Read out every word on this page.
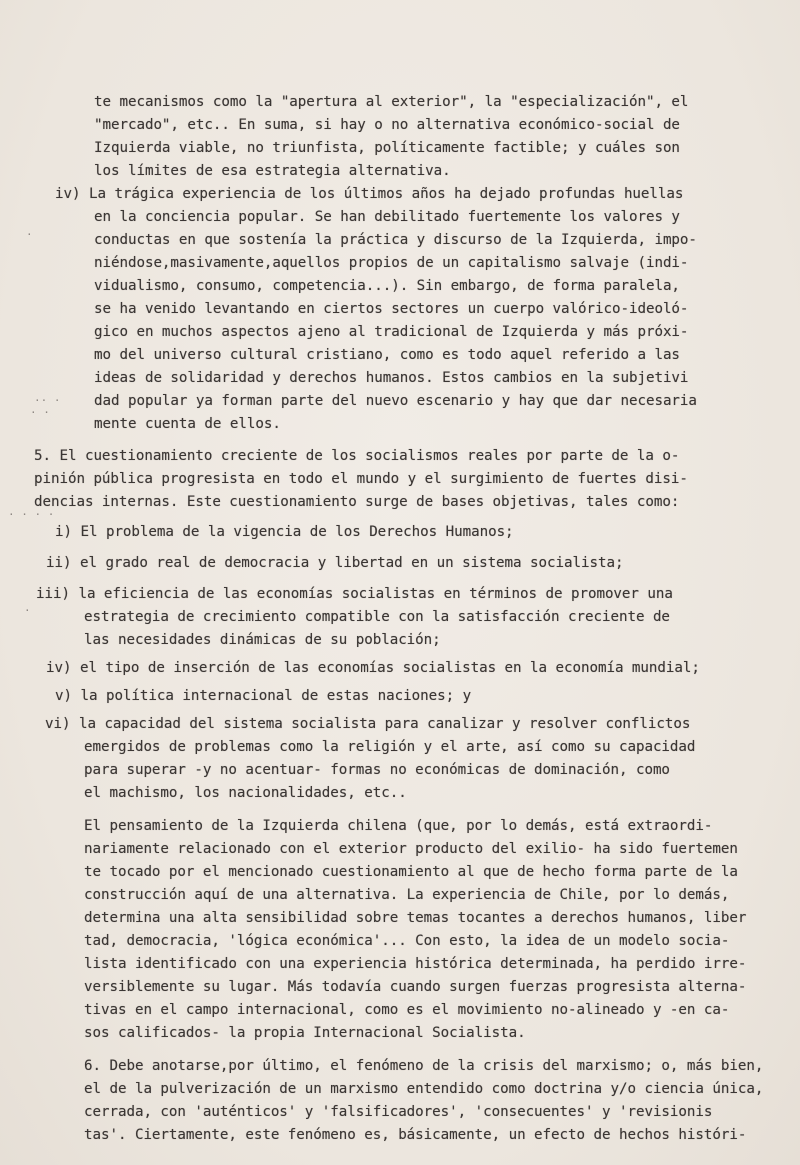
te mecanismos como la "apertura al exterior", la "especialización", el
"mercado", etc.. En suma, si hay o no alternativa económico-social de
Izquierda viable, no triunfista, políticamente factible; y cuáles son
los límites de esa estrategia alternativa.
iv) La trágica experiencia de los últimos años ha dejado profundas huellas
en la conciencia popular. Se han debilitado fuertemente los valores y
conductas en que sostenía la práctica y discurso de la Izquierda, impo-
niéndose,masivamente,aquellos propios de un capitalismo salvaje (indi-
vidualismo, consumo, competencia...). Sin embargo, de forma paralela,
se ha venido levantando en ciertos sectores un cuerpo valórico-ideoló-
gico en muchos aspectos ajeno al tradicional de Izquierda y más próxi-
mo del universo cultural cristiano, como es todo aquel referido a las
ideas de solidaridad y derechos humanos. Estos cambios en la subjetivi
dad popular ya forman parte del nuevo escenario y hay que dar necesaria
mente cuenta de ellos.
5. El cuestionamiento creciente de los socialismos reales por parte de la o-
pinión pública progresista en todo el mundo y el surgimiento de fuertes disi-
dencias internas. Este cuestionamiento surge de bases objetivas, tales como:
i) El problema de la vigencia de los Derechos Humanos;
ii) el grado real de democracia y libertad en un sistema socialista;
iii) la eficiencia de las economías socialistas en términos de promover una
estrategia de crecimiento compatible con la satisfacción creciente de
las necesidades dinámicas de su población;
iv) el tipo de inserción de las economías socialistas en la economía mundial;
v) la política internacional de estas naciones; y
vi) la capacidad del sistema socialista para canalizar y resolver conflictos
emergidos de problemas como la religión y el arte, así como su capacidad
para superar -y no acentuar- formas no económicas de dominación, como
el machismo, los nacionalidades, etc..
El pensamiento de la Izquierda chilena (que, por lo demás, está extraordi-
nariamente relacionado con el exterior producto del exilio- ha sido fuertemen
te tocado por el mencionado cuestionamiento al que de hecho forma parte de la
construcción aquí de una alternativa. La experiencia de Chile, por lo demás,
determina una alta sensibilidad sobre temas tocantes a derechos humanos, liber
tad, democracia, 'lógica económica'... Con esto, la idea de un modelo socia-
lista identificado con una experiencia histórica determinada, ha perdido irre-
versiblemente su lugar. Más todavía cuando surgen fuerzas progresista alterna-
tivas en el campo internacional, como es el movimiento no-alineado y -en ca-
sos calificados- la propia Internacional Socialista.
6. Debe anotarse,por último, el fenómeno de la crisis del marxismo; o, más bien,
el de la pulverización de un marxismo entendido como doctrina y/o ciencia única,
cerrada, con 'auténticos' y 'falsificadores', 'consecuentes' y 'revisionis
tas'. Ciertamente, este fenómeno es, básicamente, un efecto de hechos históri-
·
·· ·
· ·
· · · ·
·
